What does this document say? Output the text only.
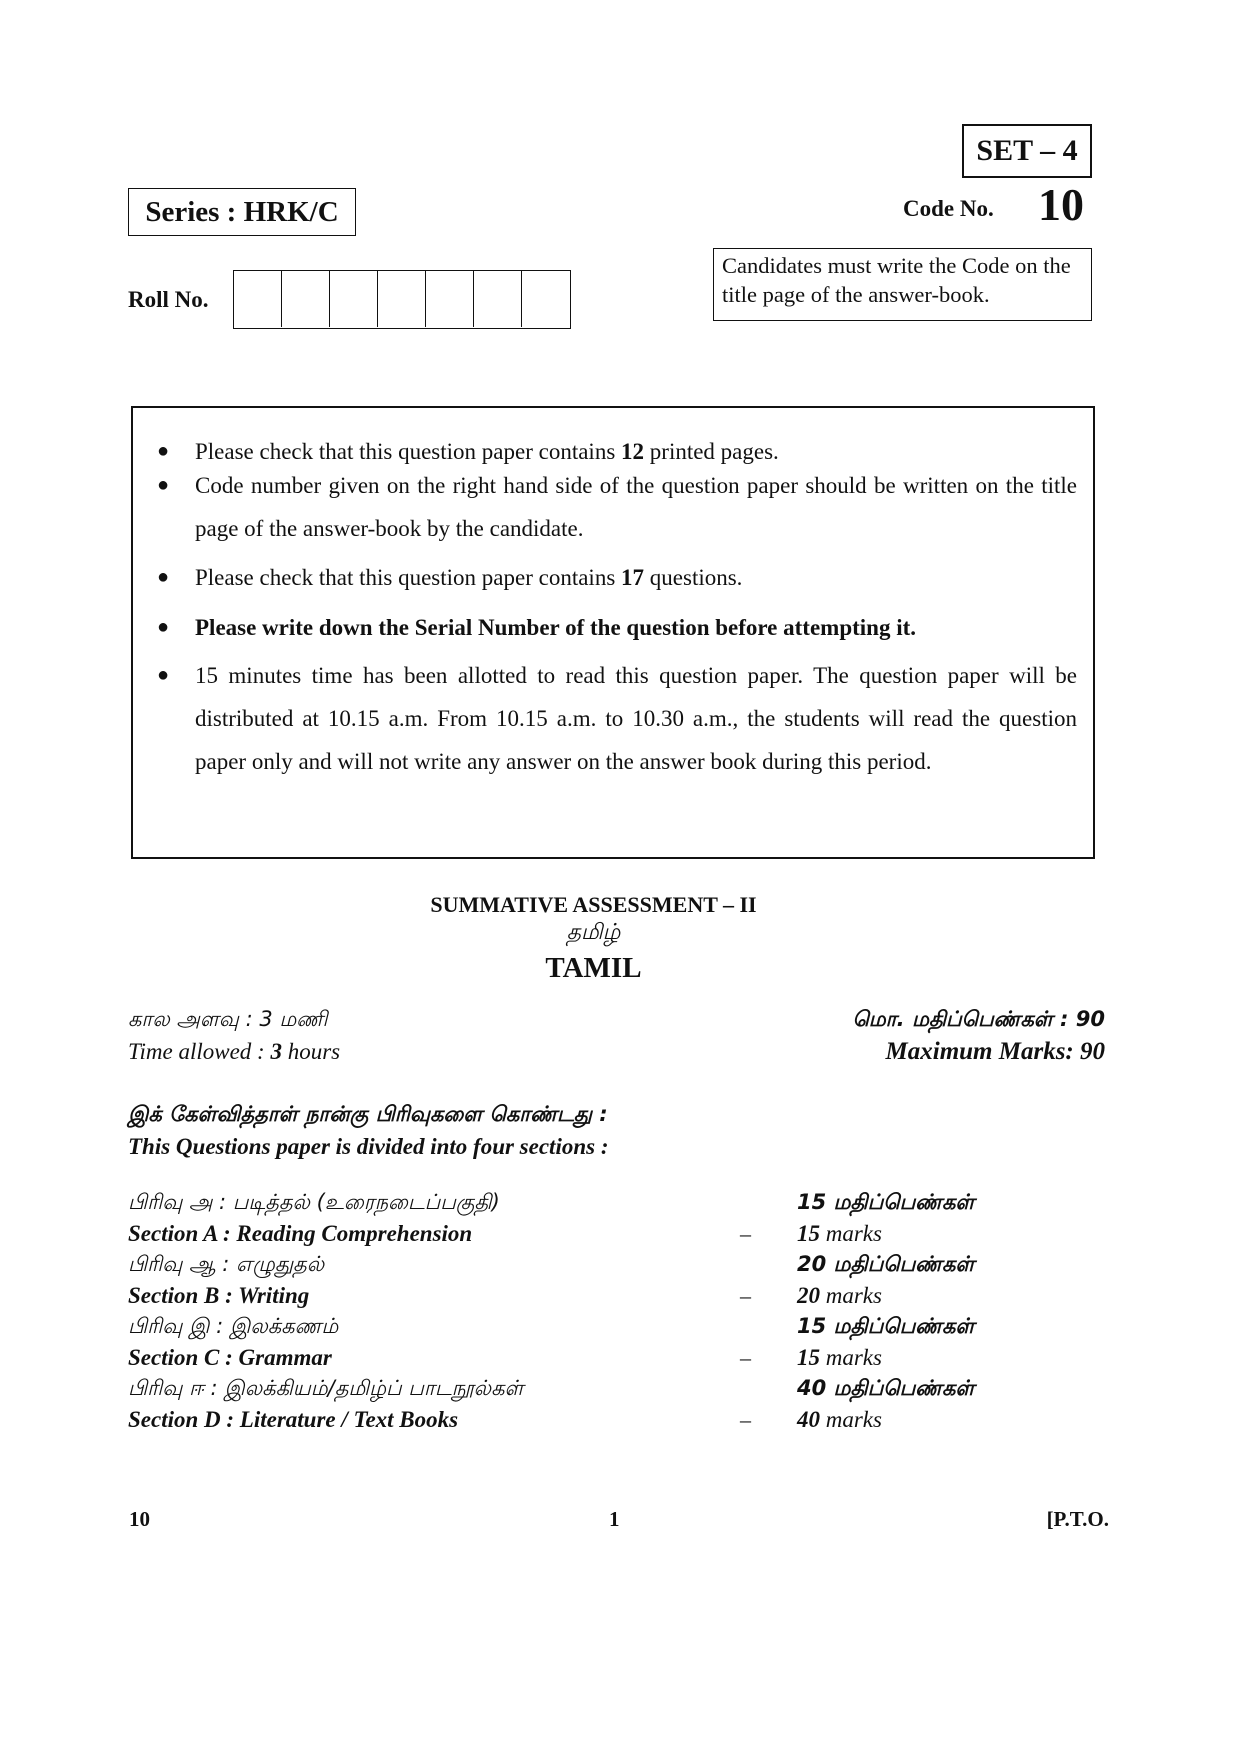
SET – 4
Series : HRK/C	Code No. 10
Candidates must write the Code on the title page of the answer-book.
Roll No.
● Please check that this question paper contains 12 printed pages.
● Code number given on the right hand side of the question paper should be written on the title page of the answer-book by the candidate.
● Please check that this question paper contains 17 questions.
● Please write down the Serial Number of the question before attempting it.
● 15 minutes time has been allotted to read this question paper. The question paper will be distributed at 10.15 a.m. From 10.15 a.m. to 10.30 a.m., the students will read the question paper only and will not write any answer on the answer book during this period.
SUMMATIVE ASSESSMENT – II
தமிழ்
TAMIL
கால அளவு : 3 மணி
Time allowed : 3 hours
மொ. மதிப்பெண்கள் : 90
Maximum Marks: 90
இக் கேள்வித்தாள் நான்கு பிரிவுகளை கொண்டது :
This Questions paper is divided into four sections :
பிரிவு அ : படித்தல் (உரைநடைப்பகுதி)	15 மதிப்பெண்கள்
Section A : Reading Comprehension	– 15 marks
பிரிவு ஆ : எழுதுதல்	20 மதிப்பெண்கள்
Section B : Writing	– 20 marks
பிரிவு இ : இலக்கணம்	15 மதிப்பெண்கள்
Section C : Grammar	– 15 marks
பிரிவு ஈ : இலக்கியம்/தமிழ்ப் பாடநூல்கள்	40 மதிப்பெண்கள்
Section D : Literature / Text Books	– 40 marks
10	1	[P.T.O.
